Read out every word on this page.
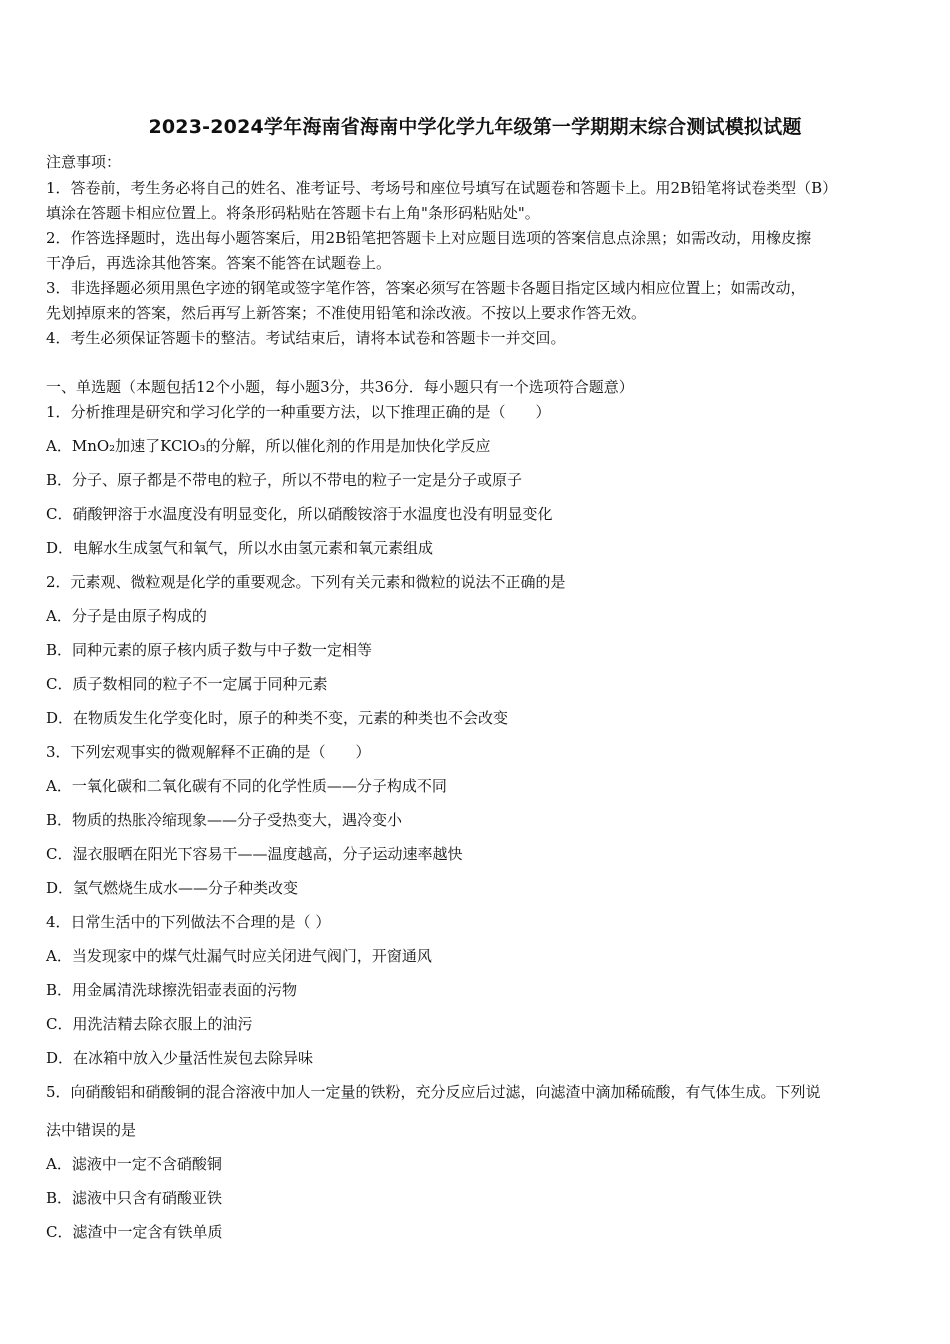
2023-2024学年海南省海南中学化学九年级第一学期期末综合测试模拟试题
注意事项：
1．答卷前，考生务必将自己的姓名、准考证号、考场号和座位号填写在试题卷和答题卡上。用2B铅笔将试卷类型（B）
填涂在答题卡相应位置上。将条形码粘贴在答题卡右上角"条形码粘贴处"。
2．作答选择题时，选出每小题答案后，用2B铅笔把答题卡上对应题目选项的答案信息点涂黑；如需改动，用橡皮擦
干净后，再选涂其他答案。答案不能答在试题卷上。
3．非选择题必须用黑色字迹的钢笔或签字笔作答，答案必须写在答题卡各题目指定区域内相应位置上；如需改动，
先划掉原来的答案，然后再写上新答案；不准使用铅笔和涂改液。不按以上要求作答无效。
4．考生必须保证答题卡的整洁。考试结束后，请将本试卷和答题卡一并交回。
一、单选题（本题包括12个小题，每小题3分，共36分．每小题只有一个选项符合题意）
1．分析推理是研究和学习化学的一种重要方法，以下推理正确的是（　　）
A．MnO₂加速了KClO₃的分解，所以催化剂的作用是加快化学反应
B．分子、原子都是不带电的粒子，所以不带电的粒子一定是分子或原子
C．硝酸钾溶于水温度没有明显变化，所以硝酸铵溶于水温度也没有明显变化
D．电解水生成氢气和氧气，所以水由氢元素和氧元素组成
2．元素观、微粒观是化学的重要观念。下列有关元素和微粒的说法不正确的是
A．分子是由原子构成的
B．同种元素的原子核内质子数与中子数一定相等
C．质子数相同的粒子不一定属于同种元素
D．在物质发生化学变化时，原子的种类不变，元素的种类也不会改变
3．下列宏观事实的微观解释不正确的是（　　）
A．一氧化碳和二氧化碳有不同的化学性质——分子构成不同
B．物质的热胀冷缩现象——分子受热变大，遇冷变小
C．湿衣服晒在阳光下容易干——温度越高，分子运动速率越快
D．氢气燃烧生成水——分子种类改变
4．日常生活中的下列做法不合理的是（ ）
A．当发现家中的煤气灶漏气时应关闭进气阀门，开窗通风
B．用金属清洗球擦洗铝壶表面的污物
C．用洗洁精去除衣服上的油污
D．在冰箱中放入少量活性炭包去除异味
5．向硝酸铝和硝酸铜的混合溶液中加人一定量的铁粉，充分反应后过滤，向滤渣中滴加稀硫酸，有气体生成。下列说
法中错误的是
A．滤液中一定不含硝酸铜
B．滤液中只含有硝酸亚铁
C．滤渣中一定含有铁单质
